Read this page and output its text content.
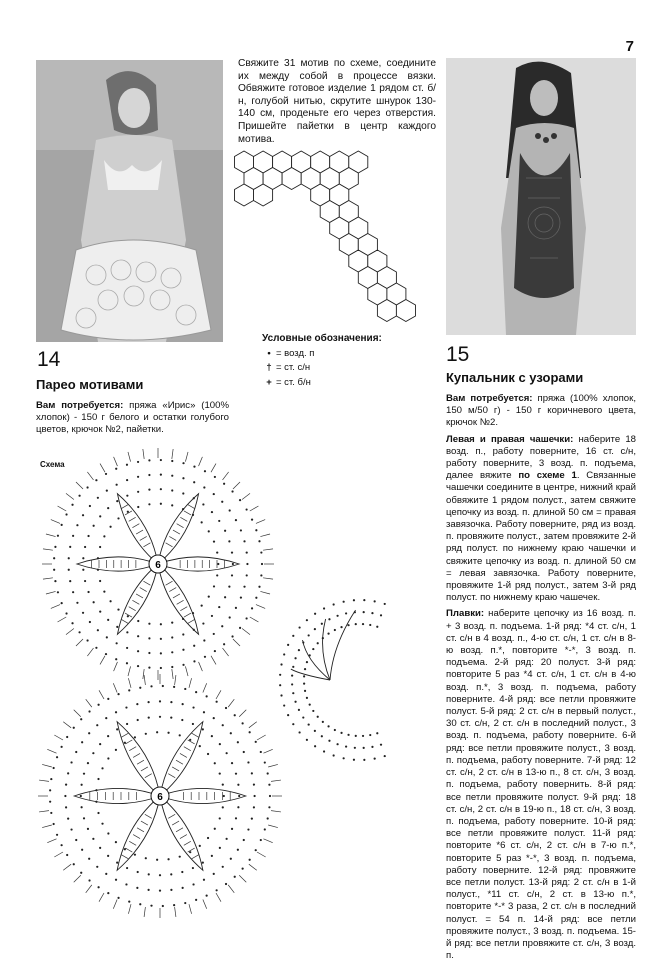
7
Свяжите 31 мотив по схеме, соедините их между собой в процессе вязки. Обвяжите готовое изделие 1 рядом ст. б/н, голубой нитью, скрутите шнурок 130-140 см, проденьте его через отверстия. Пришейте пайетки в центр каждого мотива.
Условные обозначения:
• = возд. п
† = ст. с/н
+ = ст. б/н
14
Парео мотивами
Вам потребуется: пряжа «Ирис» (100% хлопок) - 150 г белого и остатки голубого цветов, крючок №2, пайетки.
6
6
Схема
15
Купальник с узорами

Вам потребуется: пряжа (100% хлопок, 150 м/50 г) - 150 г коричневого цвета, крючок №2.

Левая и правая чашечки: наберите 18 возд. п., работу поверните, 16 ст. с/н, работу поверните, 3 возд. п. подъема, далее вяжите по схеме 1. Связанные чашечки соедините в центре, нижний край обвяжите 1 рядом полуст., затем свяжите цепочку из возд. п. длиной 50 см = правая завязочка. Работу поверните, ряд из возд. п. провяжите полуст., затем провяжите 2-й ряд полуст. по нижнему краю чашечки и свяжите цепочку из возд. п. длиной 50 см = левая завязочка. Работу поверните, провяжите 1-й ряд полуст., затем 3-й ряд полуст. по нижнему краю чашечек.

Плавки: наберите цепочку из 16 возд. п. + 3 возд. п. подъема. 1-й ряд: *4 ст. с/н, 1 ст. с/н в 4 возд. п., 4-ю ст. с/н, 1 ст. с/н в 8-ю возд. п.*, повторите *-*, 3 возд. п. подъема. 2-й ряд: 20 полуст. 3-й ряд: повторите 5 раз *4 ст. с/н, 1 ст. с/н в 4-ю возд. п.*, 3 возд. п. подъема, работу поверните. 4-й ряд: все петли провяжите полуст. 5-й ряд: 2 ст. с/н в первый полуст., 30 ст. с/н, 2 ст. с/н в последний полуст., 3 возд. п. подъема, работу поверните. 6-й ряд: все петли провяжите полуст., 3 возд. п. подъема, работу поверните. 7-й ряд: 12 ст. с/н, 2 ст. с/н в 13-ю п., 8 ст. с/н, 3 возд. п. подъема, работу повернить. 8-й ряд: все петли провяжите полуст. 9-й ряд: 18 ст. с/н, 2 ст. с/н в 19-ю п., 18 ст. с/н, 3 возд. п. подъема, работу поверните. 10-й ряд: все петли провяжите полуст. 11-й ряд: повторите *6 ст. с/н, 2 ст. с/н в 7-ю п.*, повторите 5 раз *-*, 3 возд. п. подъема, работу поверните. 12-й ряд: провяжите все петли полуст. 13-й ряд: 2 ст. с/н в 1-й полуст., *11 ст. с/н, 2 ст. в 13-ю п.*, повторите *-* 3 раза, 2 ст. с/н в последний полуст. = 54 п. 14-й ряд: все петли провяжите полуст., 3 возд. п. подъема. 15-й ряд: все петли провяжите ст. с/н, 3 возд. п.
